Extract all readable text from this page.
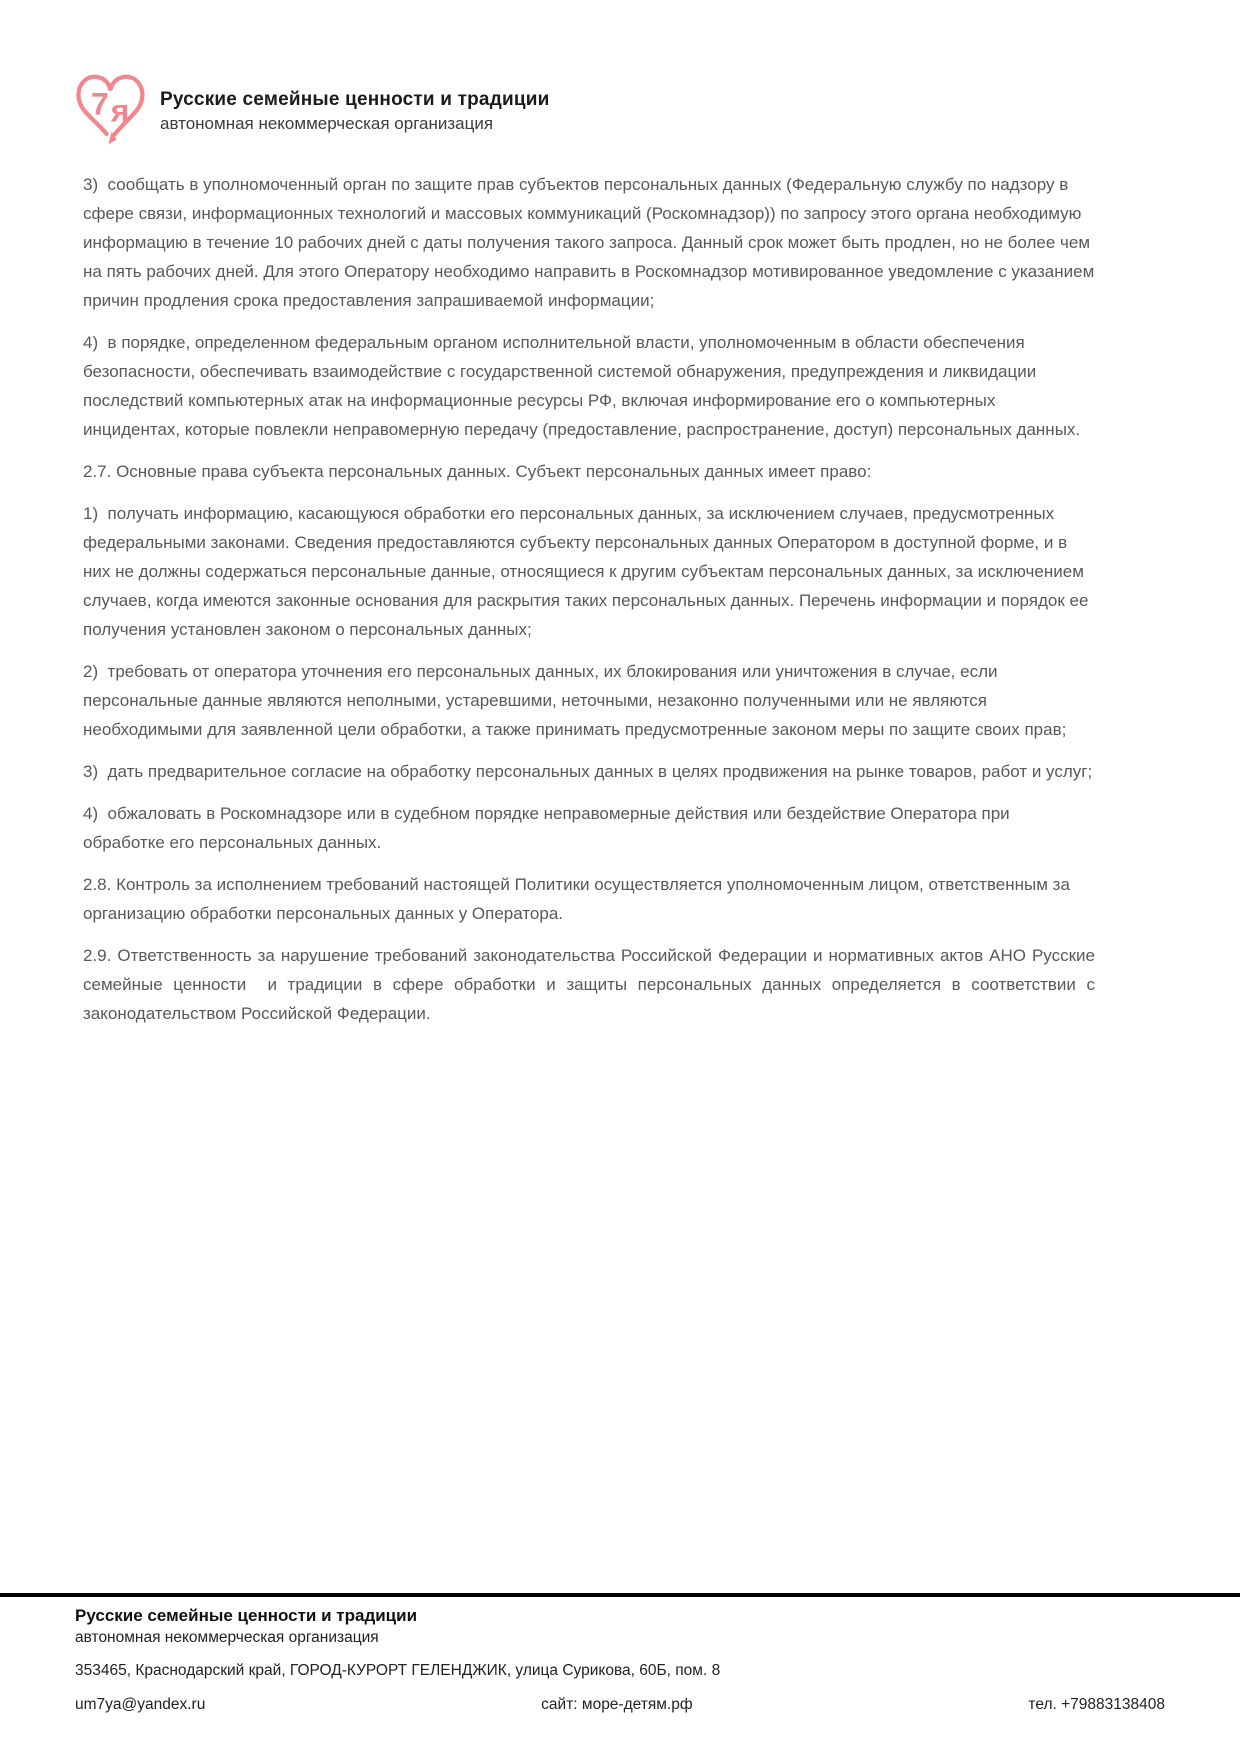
7 я Русские семейные ценности и традиции
автономная некоммерческая организация

3)  сообщать в уполномоченный орган по защите прав субъектов персональных данных (Федеральную службу по надзору в сфере связи, информационных технологий и массовых коммуникаций (Роскомнадзор)) по запросу этого органа необходимую информацию в течение 10 рабочих дней с даты получения такого запроса. Данный срок может быть продлен, но не более чем на пять рабочих дней. Для этого Оператору необходимо направить в Роскомнадзор мотивированное уведомление с указанием причин продления срока предоставления запрашиваемой информации;

4)  в порядке, определенном федеральным органом исполнительной власти, уполномоченным в области обеспечения безопасности, обеспечивать взаимодействие с государственной системой обнаружения, предупреждения и ликвидации последствий компьютерных атак на информационные ресурсы РФ, включая информирование его о компьютерных инцидентах, которые повлекли неправомерную передачу (предоставление, распространение, доступ) персональных данных.

2.7. Основные права субъекта персональных данных. Субъект персональных данных имеет право:

1)  получать информацию, касающуюся обработки его персональных данных, за исключением случаев, предусмотренных федеральными законами. Сведения предоставляются субъекту персональных данных Оператором в доступной форме, и в них не должны содержаться персональные данные, относящиеся к другим субъектам персональных данных, за исключением случаев, когда имеются законные основания для раскрытия таких персональных данных. Перечень информации и порядок ее получения установлен законом о персональных данных;

2)  требовать от оператора уточнения его персональных данных, их блокирования или уничтожения в случае, если персональные данные являются неполными, устаревшими, неточными, незаконно полученными или не являются необходимыми для заявленной цели обработки, а также принимать предусмотренные законом меры по защите своих прав;

3)  дать предварительное согласие на обработку персональных данных в целях продвижения на рынке товаров, работ и услуг;

4)  обжаловать в Роскомнадзоре или в судебном порядке неправомерные действия или бездействие Оператора при обработке его персональных данных.

2.8. Контроль за исполнением требований настоящей Политики осуществляется уполномоченным лицом, ответственным за организацию обработки персональных данных у Оператора.

2.9. Ответственность за нарушение требований законодательства Российской Федерации и нормативных актов АНО Русские семейные ценности  и традиции в сфере обработки и защиты персональных данных определяется в соответствии с законодательством Российской Федерации.

Русские семейные ценности и традиции
автономная некоммерческая организация
353465, Краснодарский край, ГОРОД-КУРОРТ ГЕЛЕНДЖИК, улица Сурикова, 60Б, пом. 8
um7ya@yandex.ru	сайт: море-детям.рф	тел. +79883138408
